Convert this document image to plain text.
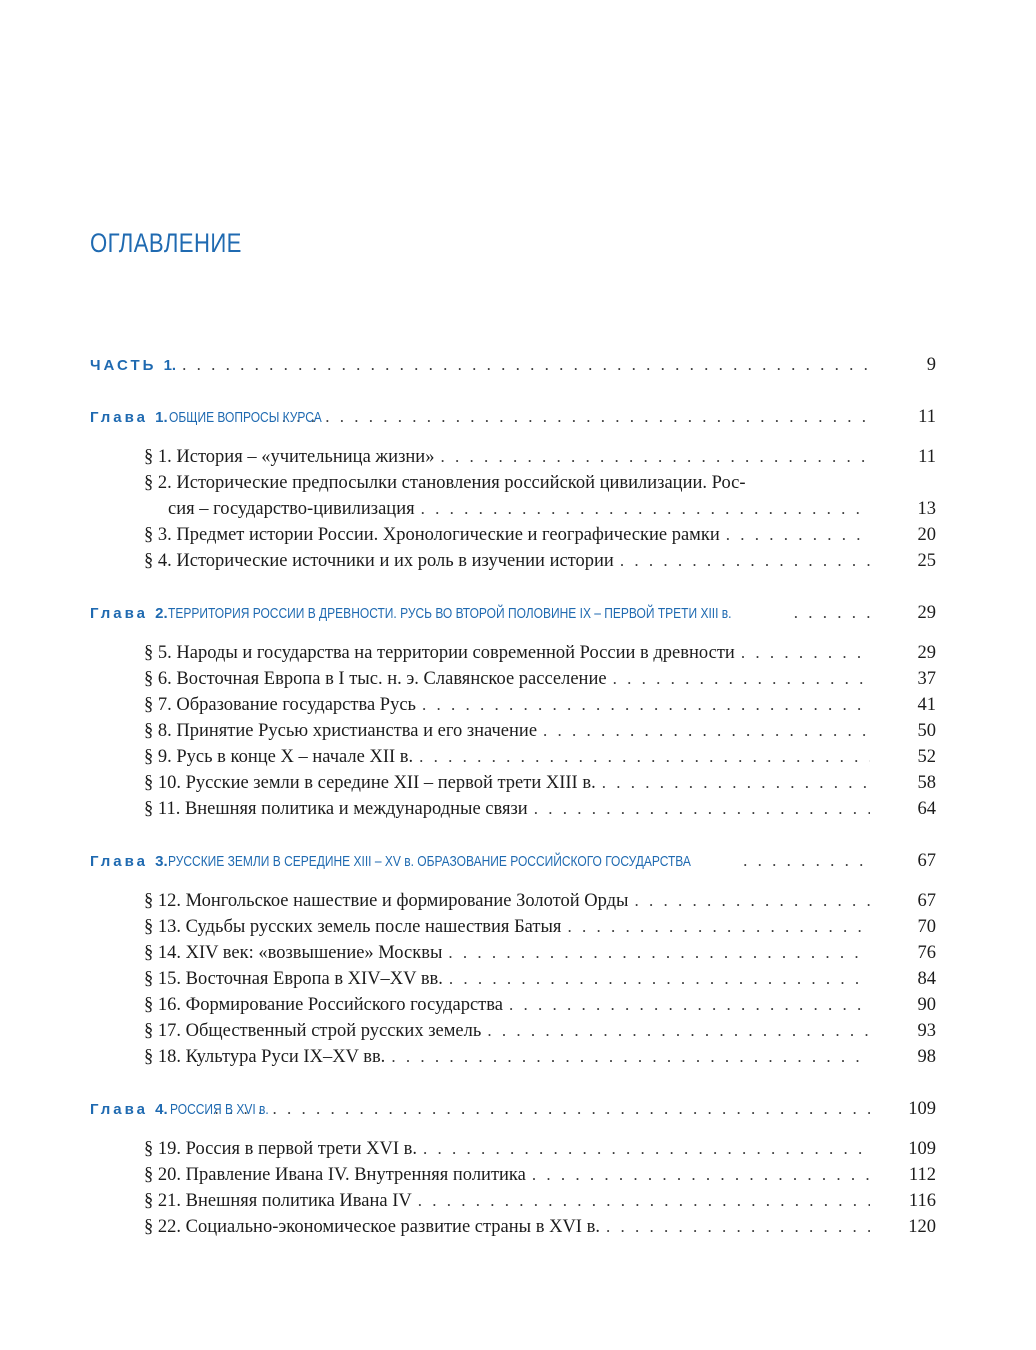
ОГЛАВЛЕНИЕ
ЧАСТЬ 1. . . .	9
Глава 1. ОБЩИЕ ВОПРОСЫ КУРСА . . .	11
§ 1. История – «учительница жизни» . . .	11
§ 2. Исторические предпосылки становления российской цивилизации. Рос-
сия – государство-цивилизация . . .	13
§ 3. Предмет истории России. Хронологические и географические рамки . . .	20
§ 4. Исторические источники и их роль в изучении истории . . .	25
Глава 2. ТЕРРИТОРИЯ РОССИИ В ДРЕВНОСТИ. РУСЬ ВО ВТОРОЙ ПОЛОВИНЕ IX – ПЕРВОЙ ТРЕТИ XIII в. . . .	29
§ 5. Народы и государства на территории современной России в древности . . .	29
§ 6. Восточная Европа в I тыс. н. э. Славянское расселение . . .	37
§ 7. Образование государства Русь . . .	41
§ 8. Принятие Русью христианства и его значение . . .	50
§ 9. Русь в конце X – начале XII в. . . .	52
§ 10. Русские земли в середине XII – первой трети XIII в. . . .	58
§ 11. Внешняя политика и международные связи . . .	64
Глава 3. РУССКИЕ ЗЕМЛИ В СЕРЕДИНЕ XIII – XV в. ОБРАЗОВАНИЕ РОССИЙСКОГО ГОСУДАРСТВА . . .	67
§ 12. Монгольское нашествие и формирование Золотой Орды . . .	67
§ 13. Судьбы русских земель после нашествия Батыя . . .	70
§ 14. XIV век: «возвышение» Москвы . . .	76
§ 15. Восточная Европа в XIV–XV вв. . . .	84
§ 16. Формирование Российского государства . . .	90
§ 17. Общественный строй русских земель . . .	93
§ 18. Культура Руси IX–XV вв. . . .	98
Глава 4. РОССИЯ В XVI в. . . .	109
§ 19. Россия в первой трети XVI в. . . .	109
§ 20. Правление Ивана IV. Внутренняя политика . . .	112
§ 21. Внешняя политика Ивана IV . . .	116
§ 22. Социально-экономическое развитие страны в XVI в. . . .	120
